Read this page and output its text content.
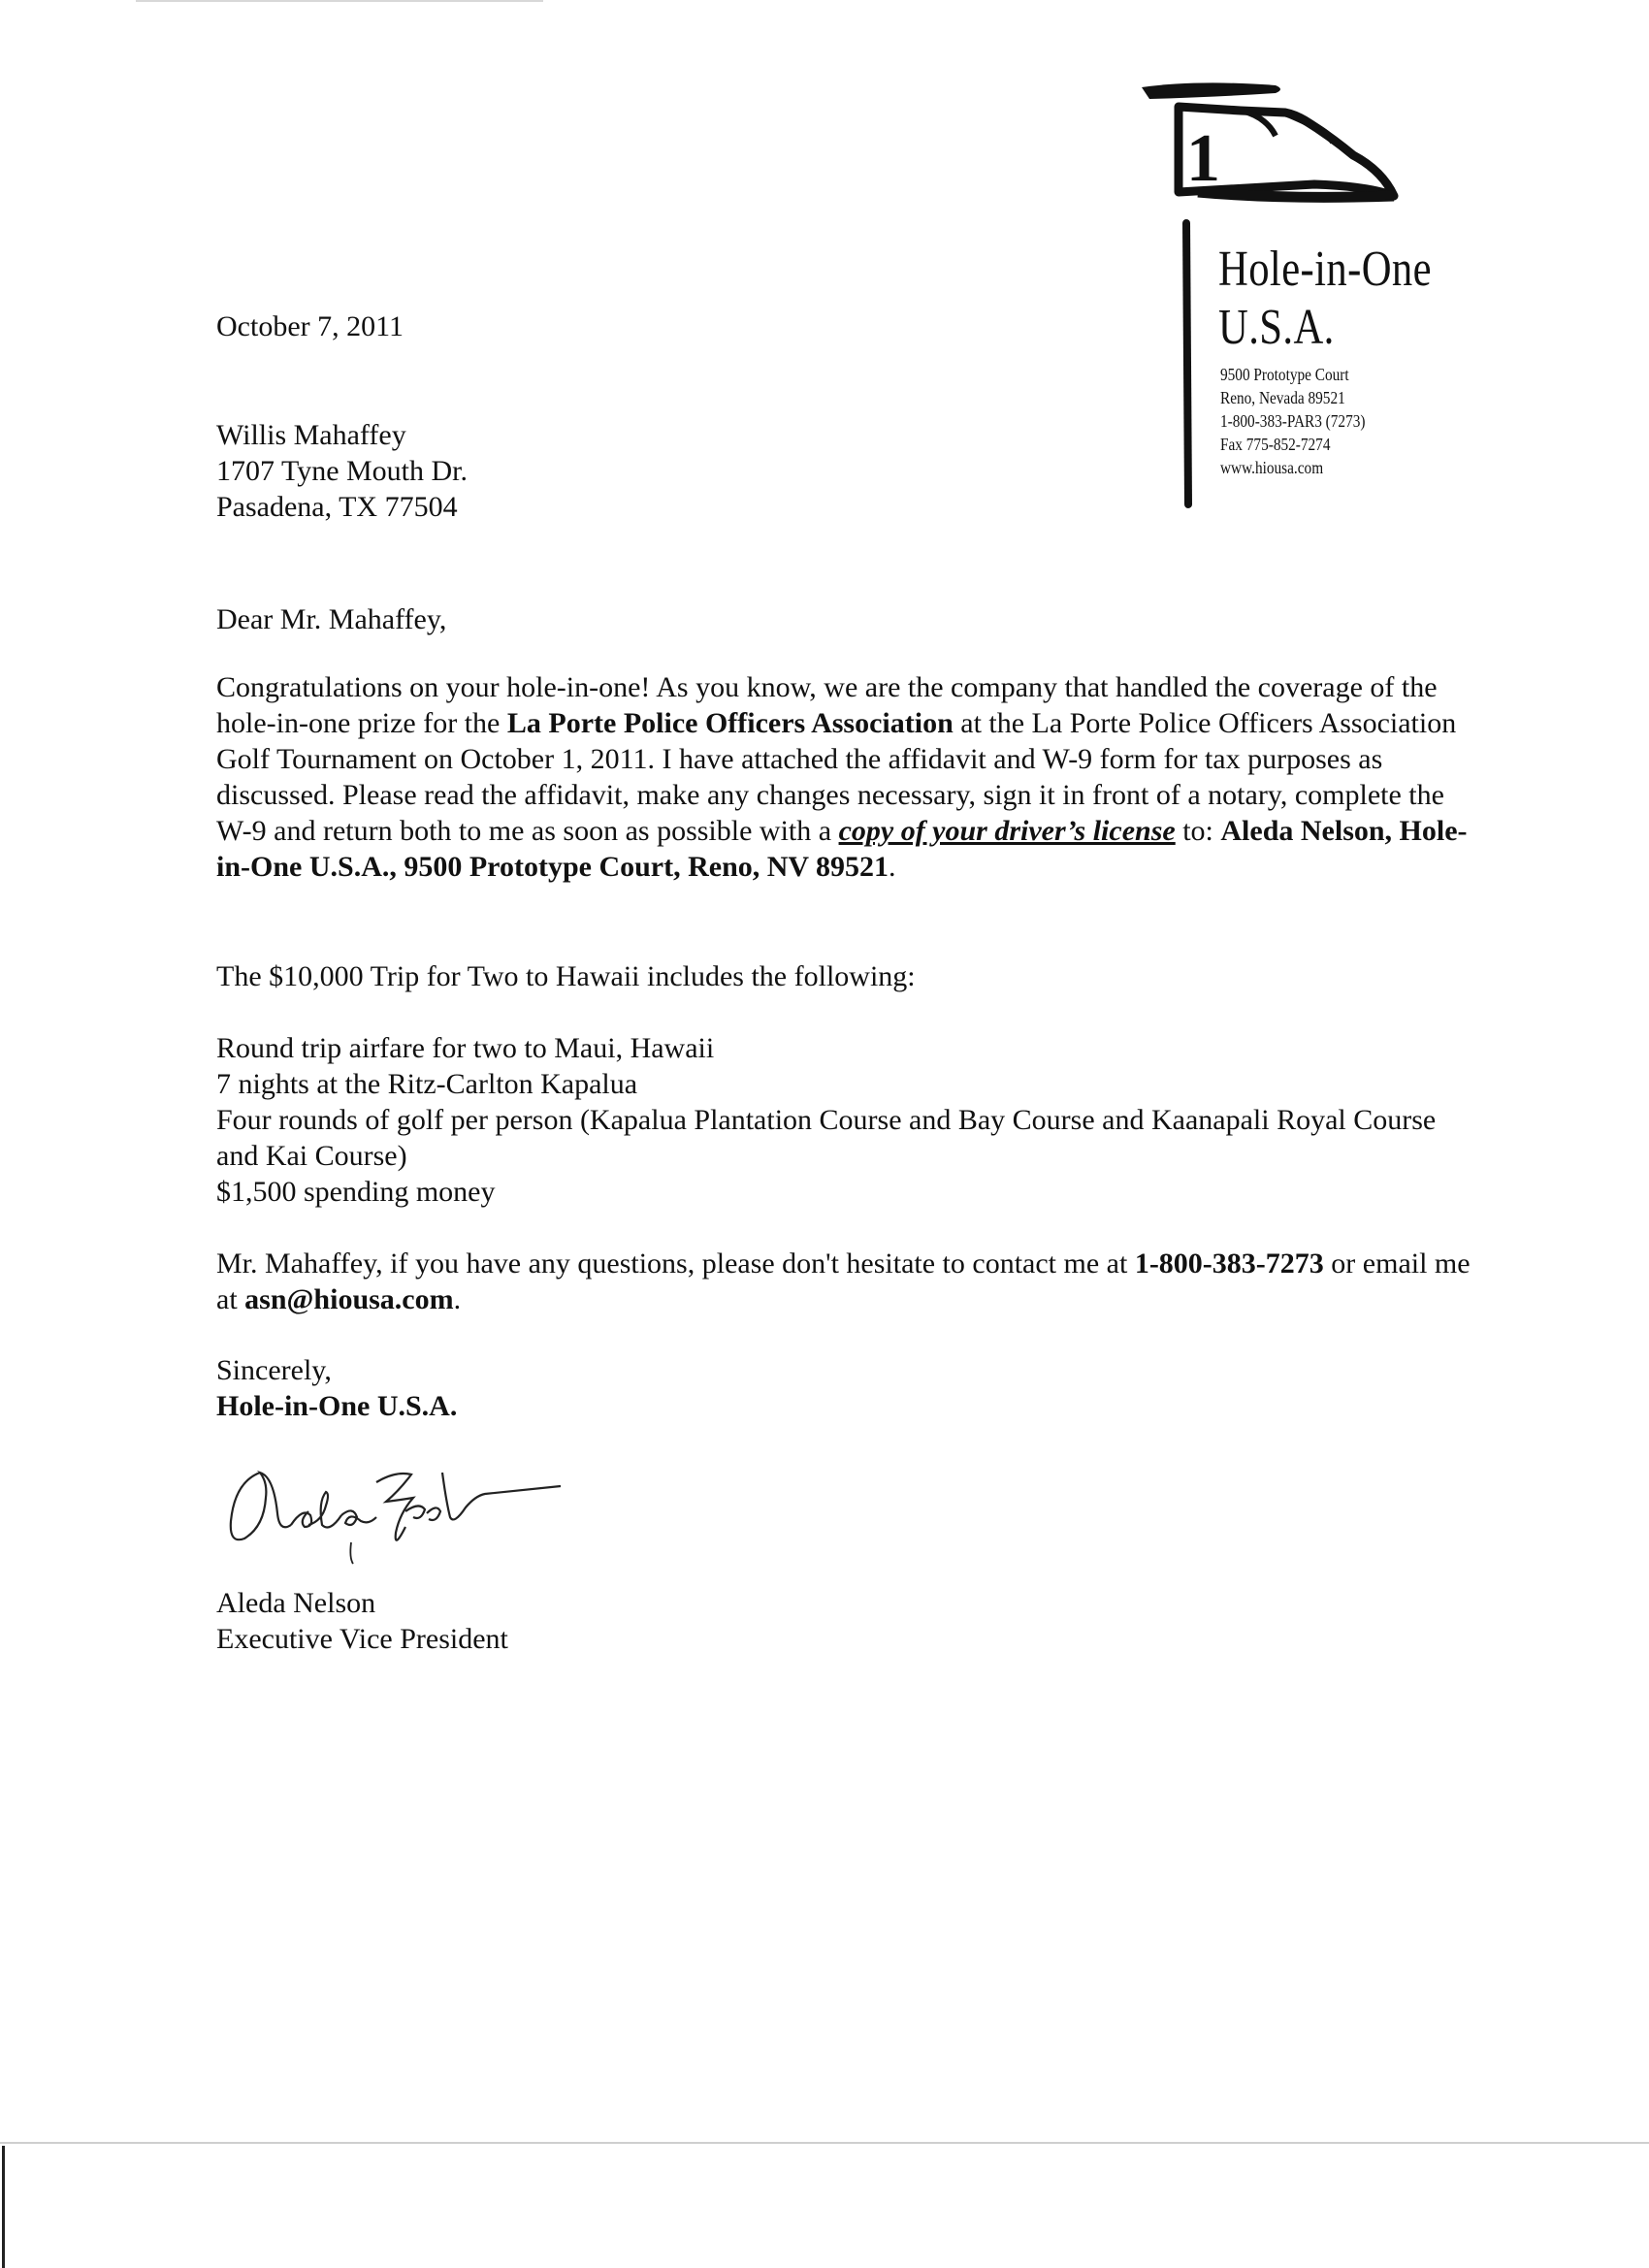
1
Hole-in-One
U.S.A.
9500 Prototype Court
Reno, Nevada 89521
1-800-383-PAR3 (7273)
Fax 775-852-7274
www.hiousa.com
October 7, 2011
Willis Mahaffey
1707 Tyne Mouth Dr.
Pasadena, TX 77504
Dear Mr. Mahaffey,
Congratulations on your hole-in-one! As you know, we are the company that handled the coverage of the hole-in-one prize for the La Porte Police Officers Association at the La Porte Police Officers Association Golf Tournament on October 1, 2011. I have attached the affidavit and W-9 form for tax purposes as discussed. Please read the affidavit, make any changes necessary, sign it in front of a notary, complete the W-9 and return both to me as soon as possible with a copy of your driver’s license to: Aleda Nelson, Hole-in-One U.S.A., 9500 Prototype Court, Reno, NV 89521.
The $10,000 Trip for Two to Hawaii includes the following:
Round trip airfare for two to Maui, Hawaii
7 nights at the Ritz-Carlton Kapalua
Four rounds of golf per person (Kapalua Plantation Course and Bay Course and Kaanapali Royal Course and Kai Course)
$1,500 spending money
Mr. Mahaffey, if you have any questions, please don't hesitate to contact me at 1-800-383-7273 or email me at asn@hiousa.com.
Sincerely,
Hole-in-One U.S.A.
Aleda Nelson
Executive Vice President
